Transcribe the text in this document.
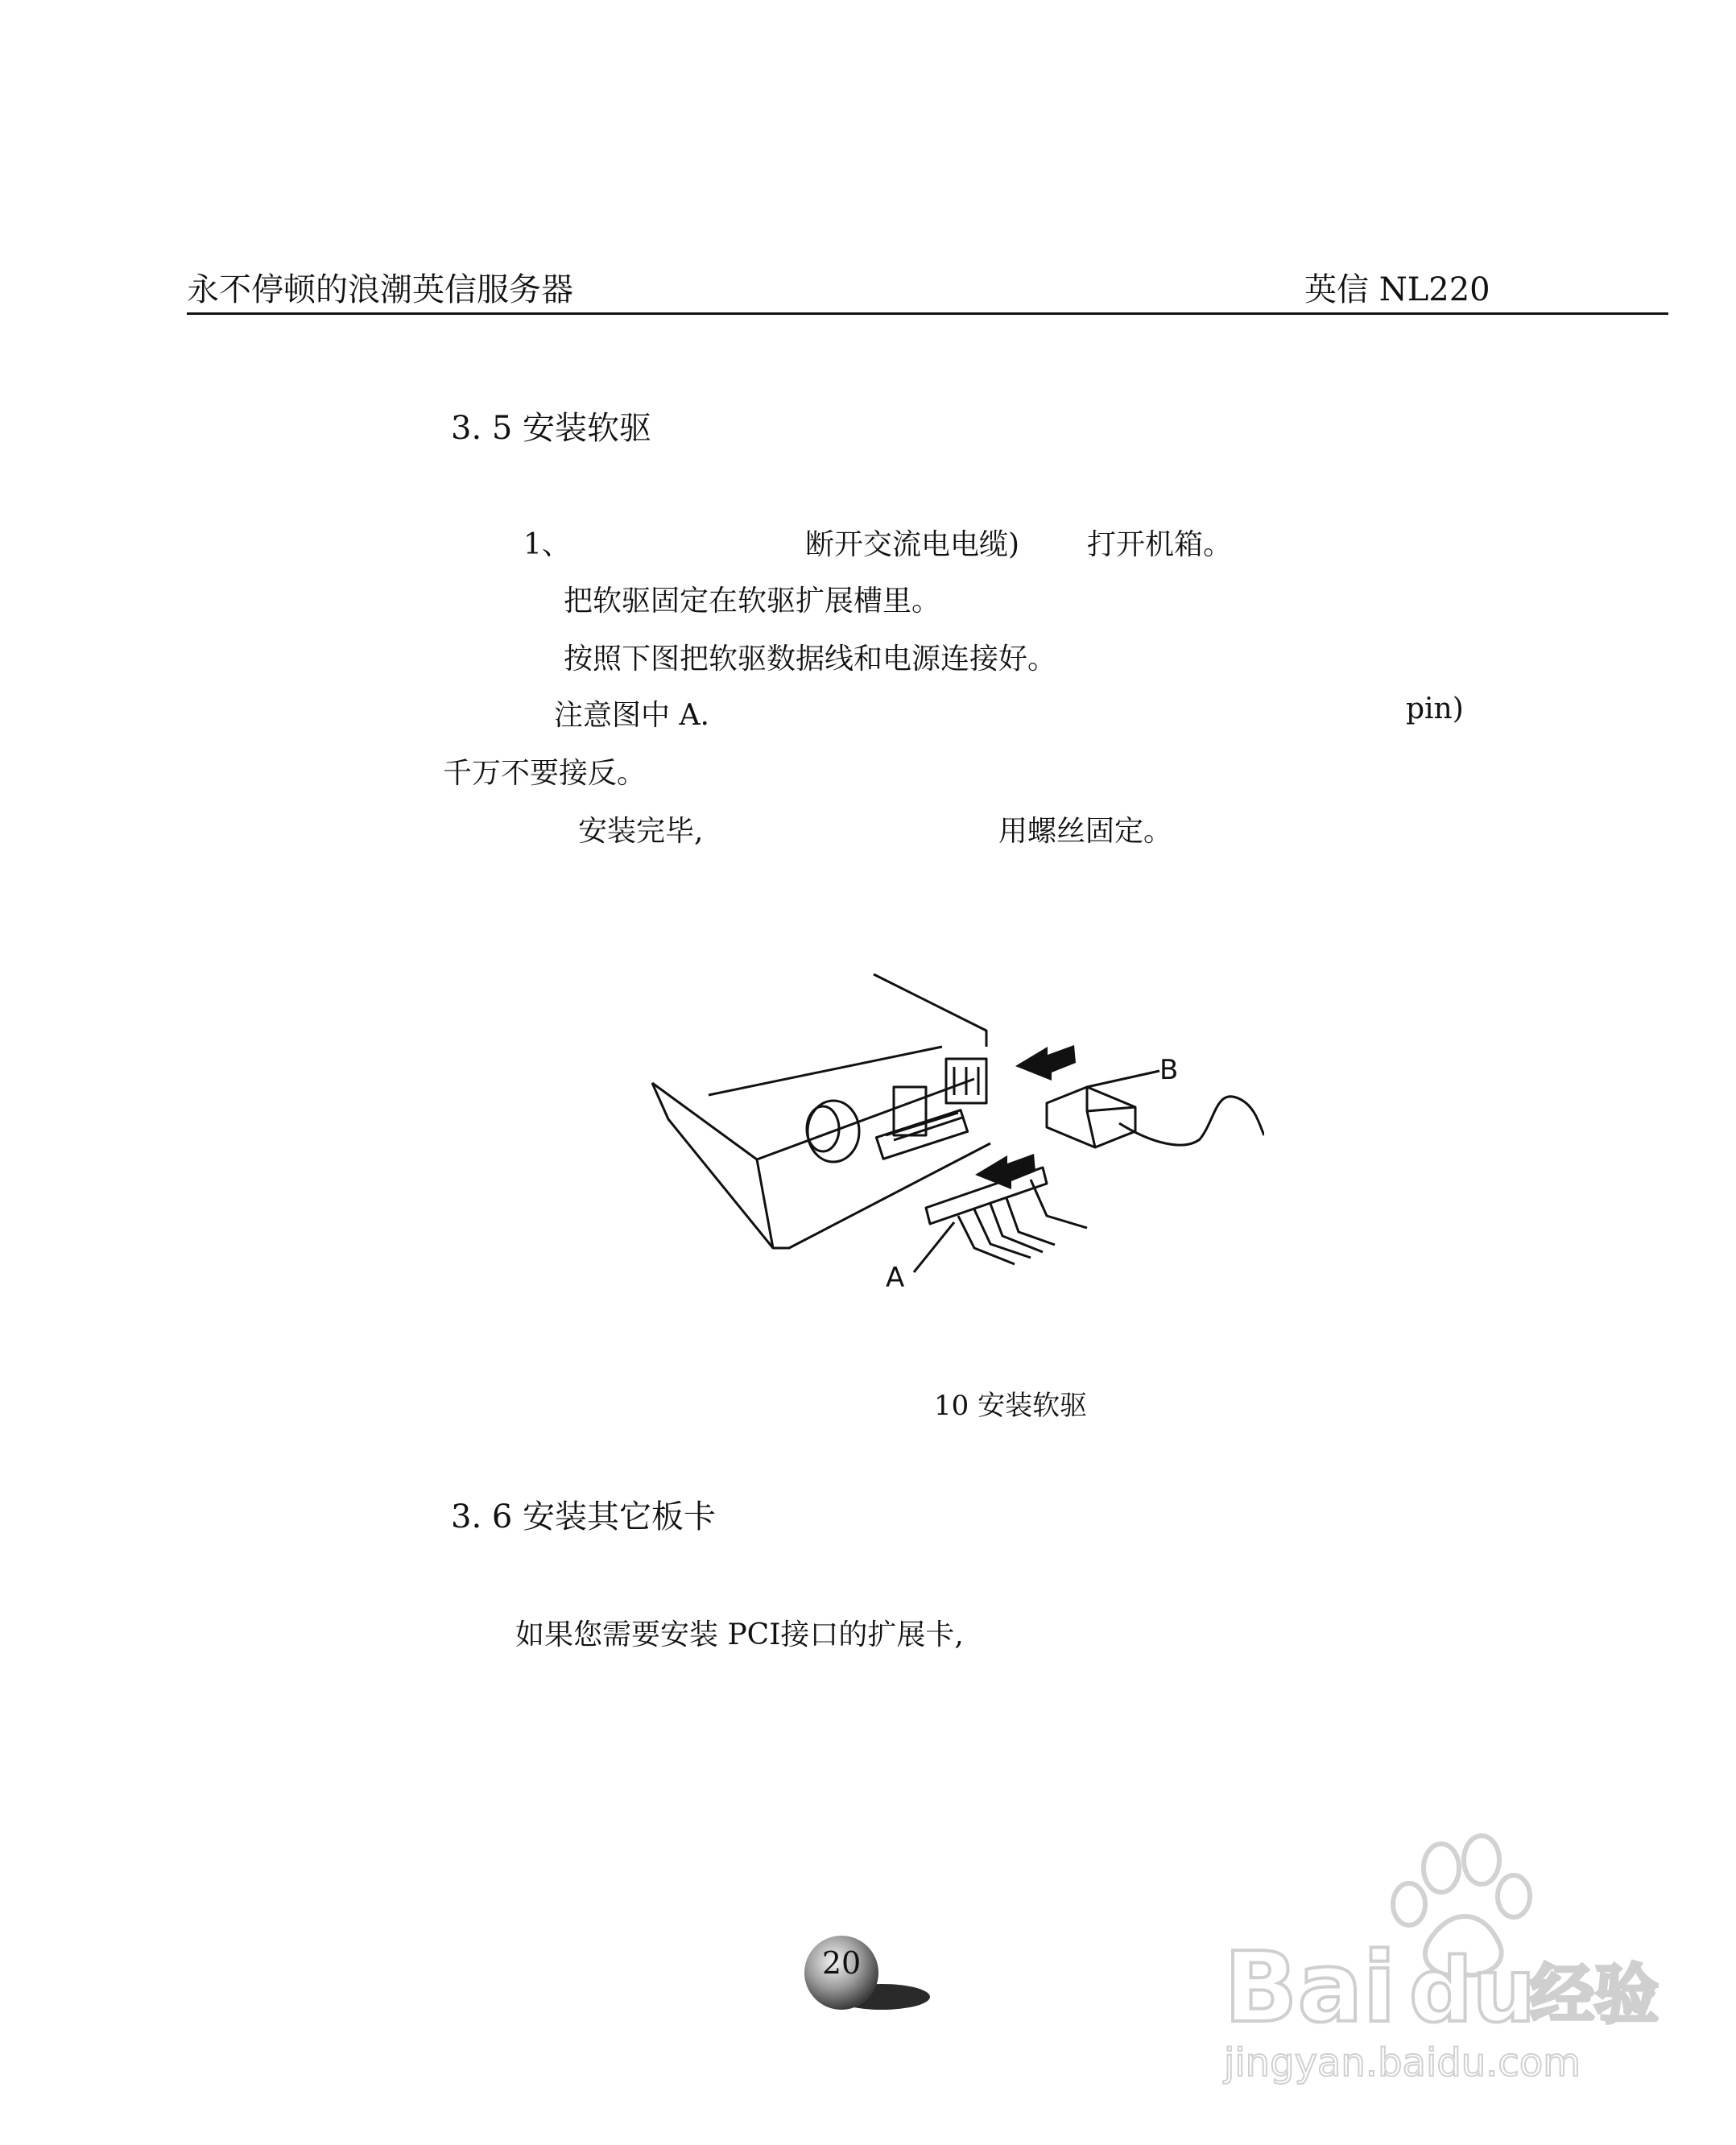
永不停顿的浪潮英信服务器	英信 NL220
3. 5 安装软驱
1、	断开交流电电缆) 打开机箱。
把软驱固定在软驱扩展槽里。
按照下图把软驱数据线和电源连接好。
注意图中 A.	pin)
千万不要接反。
安装完毕,	用螺丝固定。
B
A
10 安装软驱
3. 6 安装其它板卡
如果您需要安装 PCI接口的扩展卡,
20	Bai du
经验
jingyan.baidu.com
